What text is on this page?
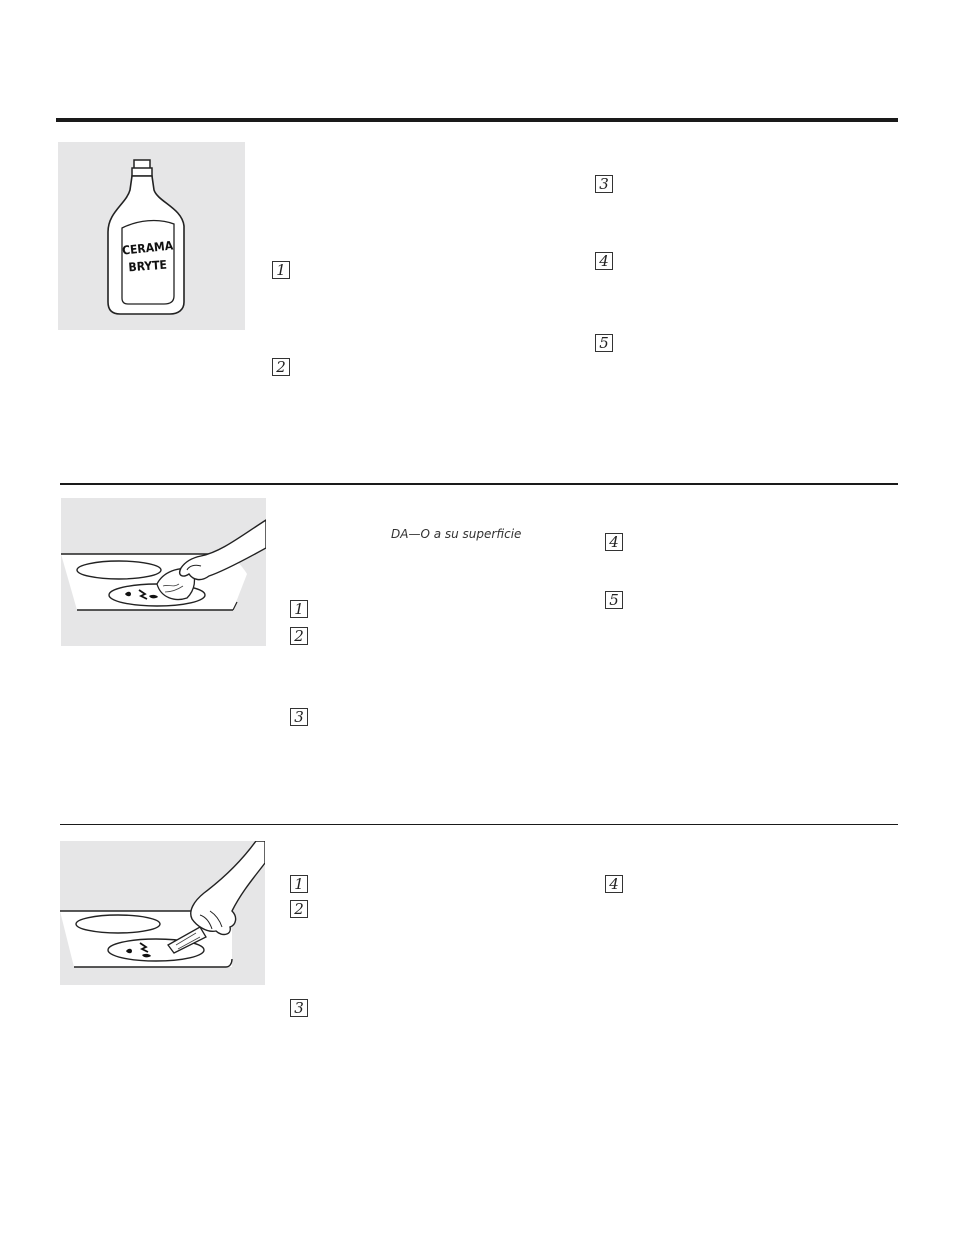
CERAMA
BRYTE	1
2
3
4
5
DA—O a su superficie
1
2
3
4
5
1
2
3
4
